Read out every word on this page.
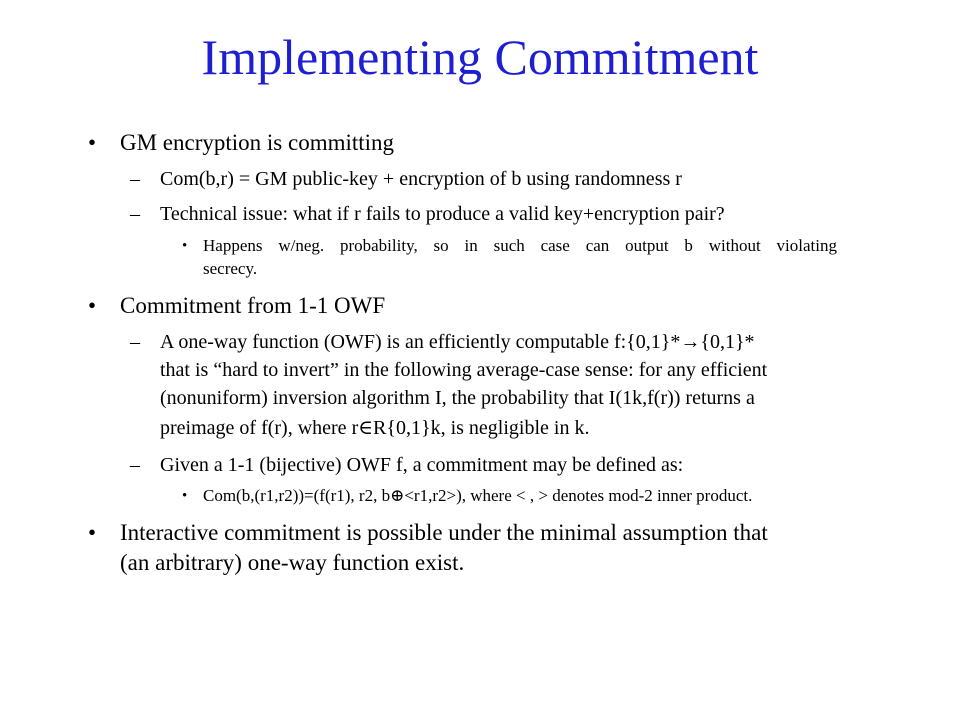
Implementing Commitment
• GM encryption is committing
– Com(b,r) = GM public-key + encryption of b using randomness r
– Technical issue: what if r fails to produce a valid key+encryption pair?
• Happens w/neg. probability, so in such case can output b without violating
secrecy.
• Commitment from 1-1 OWF
– A one-way function (OWF) is an efficiently computable f:{0,1}*→{0,1}*
that is “hard to invert” in the following average-case sense: for any efficient
(nonuniform) inversion algorithm I, the probability that I(1k,f(r)) returns a
preimage of f(r), where r∈R{0,1}k, is negligible in k.
– Given a 1-1 (bijective) OWF f, a commitment may be defined as:
• Com(b,(r1,r2))=(f(r1), r2, b⊕<r1,r2>), where < , > denotes mod-2 inner product.
• Interactive commitment is possible under the minimal assumption that
(an arbitrary) one-way function exist.
